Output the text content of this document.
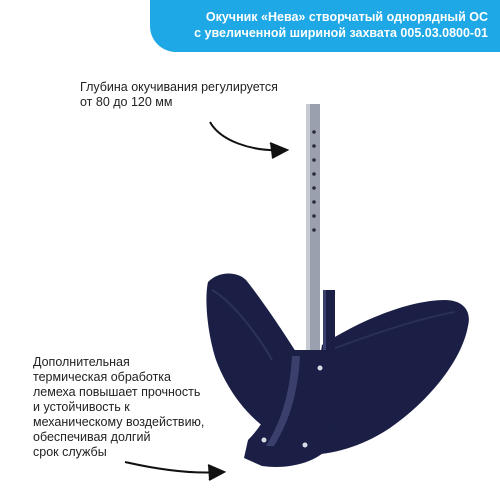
Окучник «Нева» створчатый однорядный ОС
с увеличенной шириной захвата 005.03.0800-01
Глубина окучивания регулируется
от 80 до 120 мм
Дополнительная
термическая обработка
лемеха повышает прочность
и устойчивость к
механическому воздействию,
обеспечивая долгий
срок службы
